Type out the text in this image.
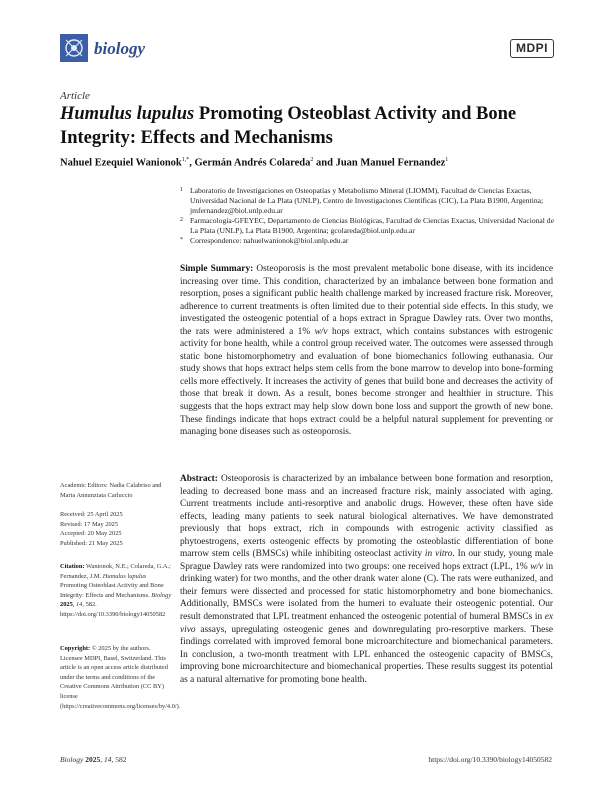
biology	MDPI
Article
Humulus lupulus Promoting Osteoblast Activity and Bone
Integrity: Effects and Mechanisms
Nahuel Ezequiel Wanionok$^{1,*}$, Germán Andrés Colareda$^2$ and Juan Manuel Fernandez$^1$
1 Laboratorio de Investigaciones en Osteopatías y Metabolismo Mineral (LIOMM), Facultad de Ciencias Exactas, Universidad Nacional de La Plata (UNLP), Centro de Investigaciones Científicas (CIC), La Plata B1900, Argentina; jmfernandez@biol.unlp.edu.ar
2 Farmacología-GFEYEC, Departamento de Ciencias Biológicas, Facultad de Ciencias Exactas, Universidad Nacional de La Plata (UNLP), La Plata B1900, Argentina; gcolareda@biol.unlp.edu.ar
* Correspondence: nahuelwanionok@biol.unlp.edu.ar
Simple Summary: Osteoporosis is the most prevalent metabolic bone disease, with its incidence increasing over time. This condition, characterized by an imbalance between bone formation and resorption, poses a significant public health challenge marked by increased fracture risk. Moreover, adherence to current treatments is often limited due to their potential side effects. In this study, we investigated the osteogenic potential of a hops extract in Sprague Dawley rats. Over two months, the rats were administered a 1% w/v hops extract, which contains substances with estrogenic activity for bone health, while a control group received water. The outcomes were assessed through static bone histomorphometry and evaluation of bone biomechanics following euthanasia. Our study shows that hops extract helps stem cells from the bone marrow to develop into bone-forming cells more effectively. It increases the activity of genes that build bone and decreases the activity of those that break it down. As a result, bones become stronger and healthier in structure. This suggests that the hops extract may help slow down bone loss and support the growth of new bone. These findings indicate that hops extract could be a helpful natural supplement for preventing or managing bone diseases such as osteoporosis.
Abstract: Osteoporosis is characterized by an imbalance between bone formation and resorption, leading to decreased bone mass and an increased fracture risk, mainly associated with aging. Current treatments include anti-resorptive and anabolic drugs. However, these often have side effects, leading many patients to seek natural biological alternatives. We have demonstrated previously that hops extract, rich in compounds with estrogenic activity classified as phytoestrogens, exerts osteogenic effects by promoting the osteoblastic differentiation of bone marrow stem cells (BMSCs) while inhibiting osteoclast activity in vitro. In our study, young male Sprague Dawley rats were randomized into two groups: one received hops extract (LPL, 1% w/v in drinking water) for two months, and the other drank water alone (C). The rats were euthanized, and their femurs were dissected and processed for static histomorphometry and bone biomechanics. Additionally, BMSCs were isolated from the humeri to evaluate their osteogenic potential. Our result demonstrated that LPL treatment enhanced the osteogenic potential of humeral BMSCs in ex vivo assays, upregulating osteogenic genes and downregulating pro-resorptive markers. These findings correlated with improved femoral bone microarchitecture and biomechanical parameters. In conclusion, a two-month treatment with LPL enhanced the osteogenic capacity of BMSCs, improving bone microarchitecture and biomechanical properties. These results suggest its potential as a natural alternative for promoting bone health.
Academic Editors: Nadia Calabriso and Maria Annunziata Carluccio
Received: 25 April 2025
Revised: 17 May 2025
Accepted: 20 May 2025
Published: 21 May 2025
Citation: Wanionok, N.E.; Colareda, G.A.; Fernandez, J.M. Humulus lupulus Promoting Osteoblast Activity and Bone Integrity: Effects and Mechanisms. Biology 2025, 14, 582. https://doi.org/10.3390/biology14050582
Copyright: © 2025 by the authors. Licensee MDPI, Basel, Switzerland. This article is an open access article distributed under the terms and conditions of the Creative Commons Attribution (CC BY) license (https://creativecommons.org/licenses/by/4.0/).
Biology 2025, 14, 582	https://doi.org/10.3390/biology14050582
